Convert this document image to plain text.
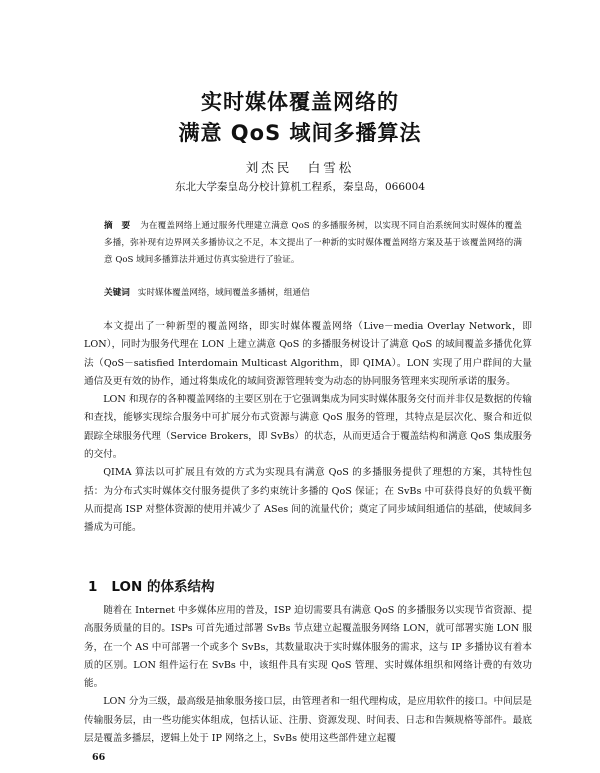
实时媒体覆盖网络的
满意 QoS 域间多播算法
刘杰民　白雪松
东北大学秦皇岛分校计算机工程系，秦皇岛，066004
摘　要 为在覆盖网络上通过服务代理建立满意 QoS 的多播服务树，以实现不同自治系统间实时媒体的覆盖多播，弥补现有边界网关多播协议之不足，本文提出了一种新的实时媒体覆盖网络方案及基于该覆盖网络的满意 QoS 域间多播算法并通过仿真实验进行了验证。
关键词 实时媒体覆盖网络，域间覆盖多播树，组通信

本文提出了一种新型的覆盖网络，即实时媒体覆盖网络（Live－media Overlay Network，即 LON），同时为服务代理在 LON 上建立满意 QoS 的多播服务树设计了满意 QoS 的域间覆盖多播优化算法（QoS－satisfied Interdomain Multicast Algorithm，即 QIMA）。LON 实现了用户群间的大量通信及更有效的协作，通过将集成化的域间资源管理转变为动态的协同服务管理来实现所承诺的服务。

LON 和现存的各种覆盖网络的主要区别在于它强调集成为同实时媒体服务交付而并非仅是数据的传输和查找，能够实现综合服务中可扩展分布式资源与满意 QoS 服务的管理，其特点是层次化、聚合和近似跟踪全球服务代理（Service Brokers，即 SvBs）的状态，从而更适合于覆盖结构和满意 QoS 集成服务的交付。

QIMA 算法以可扩展且有效的方式为实现具有满意 QoS 的多播服务提供了理想的方案，其特性包括：为分布式实时媒体交付服务提供了多约束统计多播的 QoS 保证；在 SvBs 中可获得良好的负载平衡从而提高 ISP 对整体资源的使用并减少了 ASes 间的流量代价；奠定了同步域间组通信的基础，使域间多播成为可能。

1 LON 的体系结构

随着在 Internet 中多媒体应用的普及，ISP 迫切需要具有满意 QoS 的多播服务以实现节省资源、提高服务质量的目的。ISPs 可首先通过部署 SvBs 节点建立起覆盖服务网络 LON，就可部署实施 LON 服务，在一个 AS 中可部署一个或多个 SvBs，其数量取决于实时媒体服务的需求，这与 IP 多播协议有着本质的区别。LON 组件运行在 SvBs 中，该组件具有实现 QoS 管理、实时媒体组织和网络计费的有效功能。

LON 分为三级，最高级是抽象服务接口层，由管理者和一组代理构成，是应用软件的接口。中间层是传输服务层，由一些功能实体组成，包括认证、注册、资源发现、时间表、日志和告频规格等部件。最底层是覆盖多播层，逻辑上处于 IP 网络之上，SvBs 使用这些部件建立起覆

66
